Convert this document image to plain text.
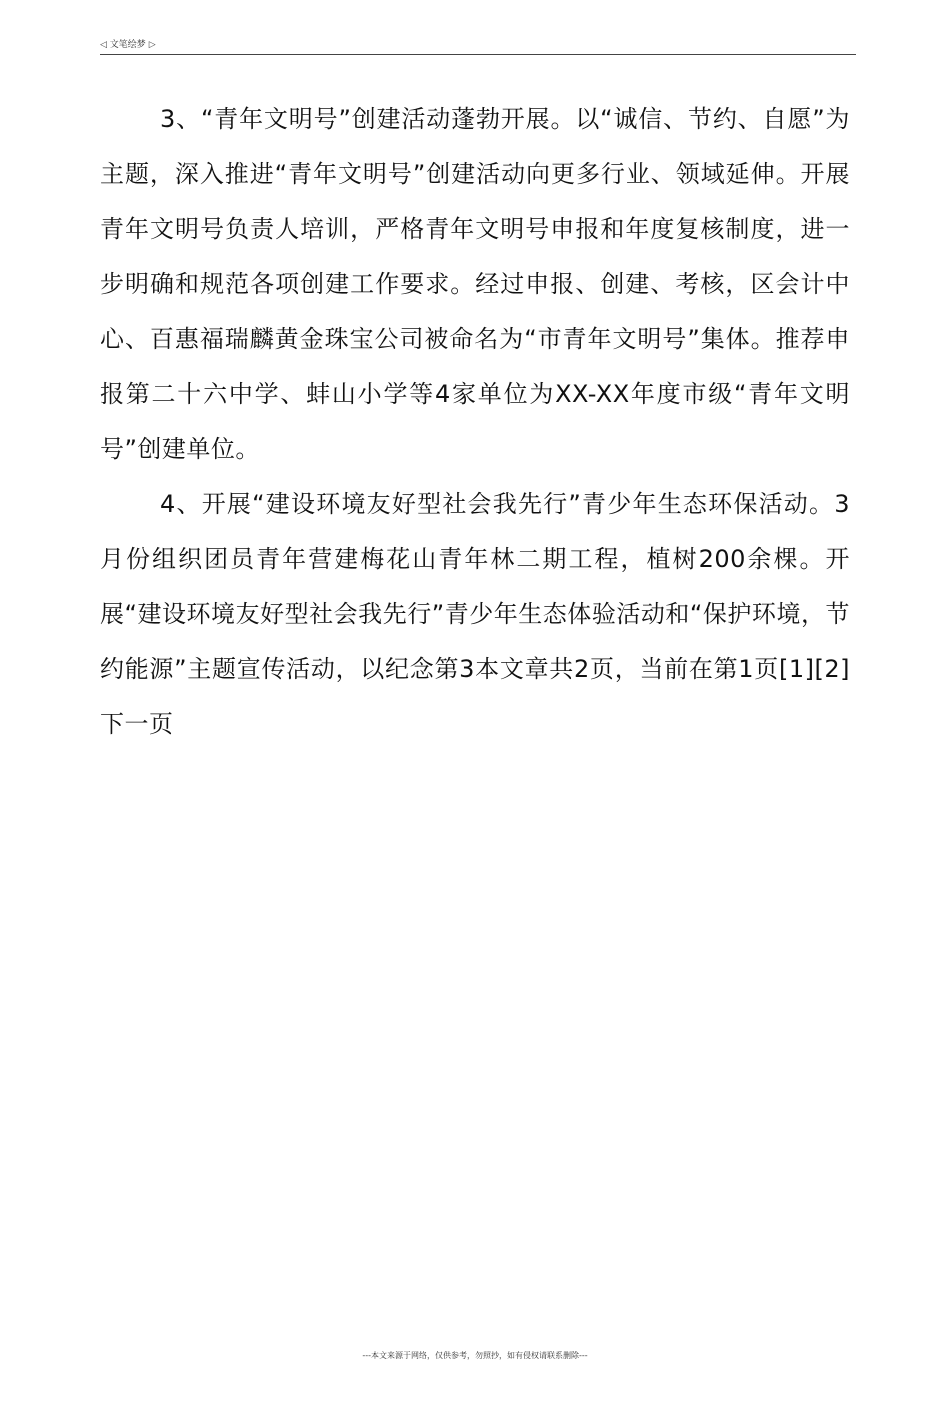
◁ 文笔绘梦 ▷

3、“青年文明号”创建活动蓬勃开展。以“诚信、节约、自愿”为主题，深入推进“青年文明号”创建活动向更多行业、领域延伸。开展青年文明号负责人培训，严格青年文明号申报和年度复核制度，进一步明确和规范各项创建工作要求。经过申报、创建、考核，区会计中心、百惠福瑞麟黄金珠宝公司被命名为“市青年文明号”集体。推荐申报第二十六中学、蚌山小学等4家单位为XX-XX年度市级“青年文明号”创建单位。

4、开展“建设环境友好型社会我先行”青少年生态环保活动。3月份组织团员青年营建梅花山青年林二期工程，植树200余棵。开展“建设环境友好型社会我先行”青少年生态体验活动和“保护环境，节约能源”主题宣传活动，以纪念第3本文章共2页，当前在第1页[1][2]下一页

---本文来源于网络，仅供参考，勿照抄，如有侵权请联系删除---
